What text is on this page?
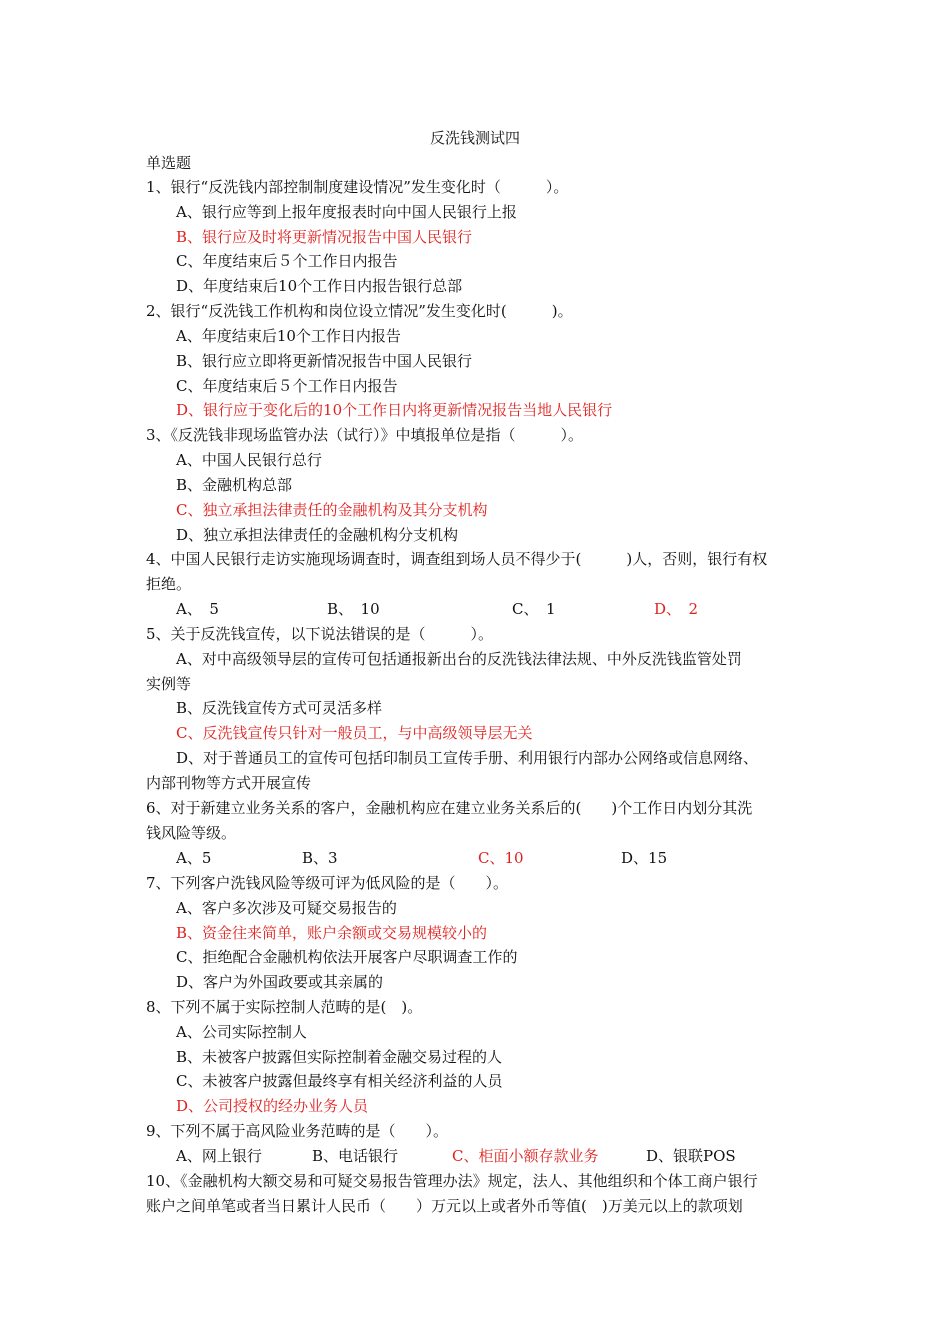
反洗钱测试四
单选题
1、银行“反洗钱内部控制制度建设情况”发生变化时（　　　）。
A、银行应等到上报年度报表时向中国人民银行上报
B、银行应及时将更新情况报告中国人民银行
C、年度结束后５个工作日内报告
D、年度结束后10个工作日内报告银行总部
2、银行“反洗钱工作机构和岗位设立情况”发生变化时(　　　)。
A、年度结束后10个工作日内报告
B、银行应立即将更新情况报告中国人民银行
C、年度结束后５个工作日内报告
D、银行应于变化后的10个工作日内将更新情况报告当地人民银行
3、《反洗钱非现场监管办法（试行）》中填报单位是指（　　　）。
A、中国人民银行总行
B、金融机构总部
C、独立承担法律责任的金融机构及其分支机构
D、独立承担法律责任的金融机构分支机构
4、中国人民银行走访实施现场调查时，调查组到场人员不得少于(　　　)人，否则，银行有权
拒绝。
A、　5	B、　10	C、　1	D、　2
5、关于反洗钱宣传，以下说法错误的是（　　　）。
A、对中高级领导层的宣传可包括通报新出台的反洗钱法律法规、中外反洗钱监管处罚
实例等
B、反洗钱宣传方式可灵活多样
C、反洗钱宣传只针对一般员工，与中高级领导层无关
D、对于普通员工的宣传可包括印制员工宣传手册、利用银行内部办公网络或信息网络、
内部刊物等方式开展宣传
6、对于新建立业务关系的客户，金融机构应在建立业务关系后的(　　)个工作日内划分其洗
钱风险等级。
A、5	B、3	C、10	D、15
7、下列客户洗钱风险等级可评为低风险的是（　　）。
A、客户多次涉及可疑交易报告的
B、资金往来简单，账户余额或交易规模较小的
C、拒绝配合金融机构依法开展客户尽职调查工作的
D、客户为外国政要或其亲属的
8、下列不属于实际控制人范畴的是(　)。
A、公司实际控制人
B、未被客户披露但实际控制着金融交易过程的人
C、未被客户披露但最终享有相关经济利益的人员
D、公司授权的经办业务人员
9、下列不属于高风险业务范畴的是（　　）。
A、网上银行	B、电话银行	C、柜面小额存款业务	D、银联POS
10、《金融机构大额交易和可疑交易报告管理办法》规定，法人、其他组织和个体工商户银行
账户之间单笔或者当日累计人民币（　　）万元以上或者外币等值(　)万美元以上的款项划
